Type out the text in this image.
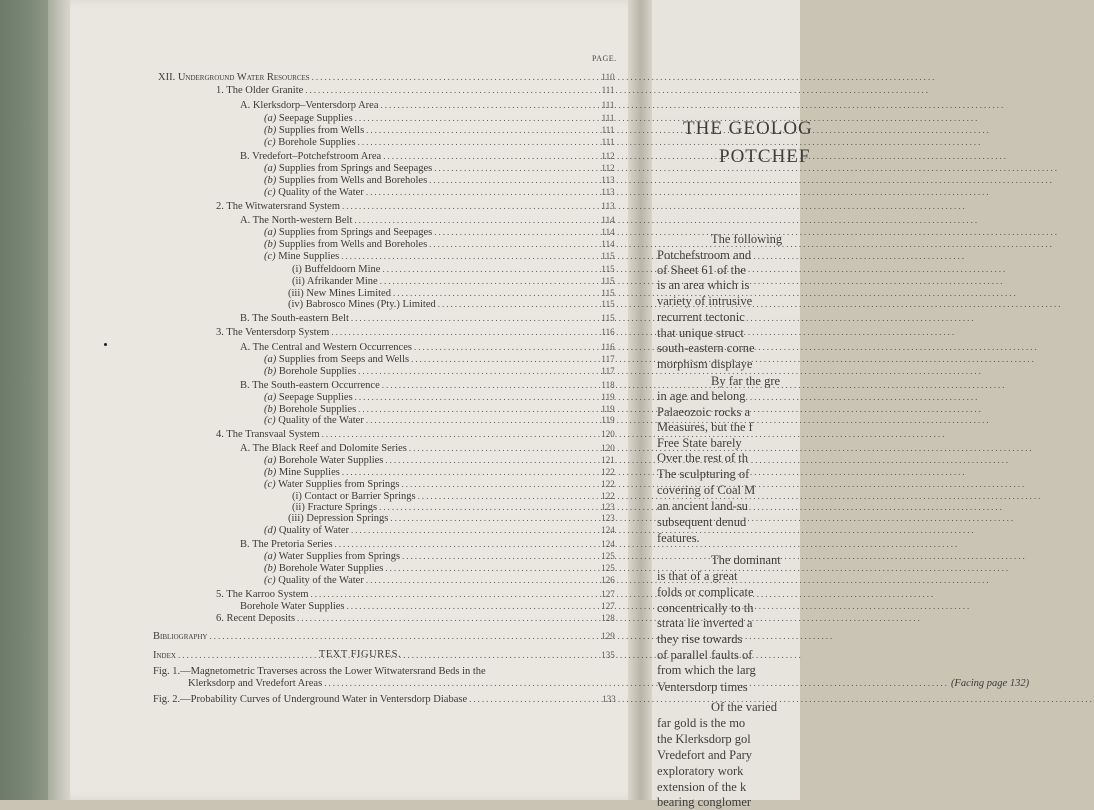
PAGE.
XII. Underground Water Resources .....	110
1. The Older Granite .....	111
A. Klerksdorp–Ventersdorp Area .....	111
(a) Seepage Supplies .....	111
(b) Supplies from Wells .....	111
(c) Borehole Supplies .....	111
B. Vredefort–Potchefstroom Area .....	112
(a) Supplies from Springs and Seepages .....	112
(b) Supplies from Wells and Boreholes .....	113
(c) Quality of the Water .....	113
2. The Witwatersrand System .....	113
A. The North-western Belt .....	114
(a) Supplies from Springs and Seepages .....	114
(b) Supplies from Wells and Boreholes .....	114
(c) Mine Supplies .....	115
(i) Buffeldoorn Mine .....	115
(ii) Afrikander Mine .....	115
(iii) New Mines Limited .....	115
(iv) Babrosco Mines (Pty.) Limited .....	115
B. The South-eastern Belt .....	115
3. The Ventersdorp System .....	116
A. The Central and Western Occurrences .....	116
(a) Supplies from Seeps and Wells .....	117
(b) Borehole Supplies .....	117
B. The South-eastern Occurrence .....	118
(a) Seepage Supplies .....	119
(b) Borehole Supplies .....	119
(c) Quality of the Water .....	119
4. The Transvaal System .....	120
A. The Black Reef and Dolomite Series .....	120
(a) Borehole Water Supplies .....	121
(b) Mine Supplies .....	122
(c) Water Supplies from Springs .....	122
(i) Contact or Barrier Springs .....	122
(ii) Fracture Springs .....	123
(iii) Depression Springs .....	123
(d) Quality of Water .....	124
B. The Pretoria Series .....	124
(a) Water Supplies from Springs .....	125
(b) Borehole Water Supplies .....	125
(c) Quality of the Water .....	126
5. The Karroo System .....	127
Borehole Water Supplies .....	127
6. Recent Deposits .....	128
Bibliography .....	129
Index .....	135
TEXT FIGURES.
Fig. 1.—Magnetometric Traverses across the Lower Witwatersrand Beds in the
Klerksdorp and Vredefort Areas .....	(Facing page 132)
Fig. 2.—Probability Curves of Underground Water in Ventersdorp Diabase .....	133
THE GEOLOG
POTCHEF
The following
Potchefstroom and
of Sheet 61 of the
is an area which is
variety of intrusive
recurrent tectonic
that unique struct
south-eastern corne
morphism displaye
By far the gre
in age and belong
Palaeozoic rocks a
Measures, but the f
Free State barely
Over the rest of th
The sculpturing of
covering of Coal M
an ancient land-su
subsequent denud
features.
The dominant
is that of a great
folds or complicate
concentrically to th
strata lie inverted a
they rise towards
of parallel faults of
from which the larg
Ventersdorp times
Of the varied
far gold is the mo
the Klerksdorp gol
Vredefort and Pary
exploratory work
extension of the k
bearing conglomer
